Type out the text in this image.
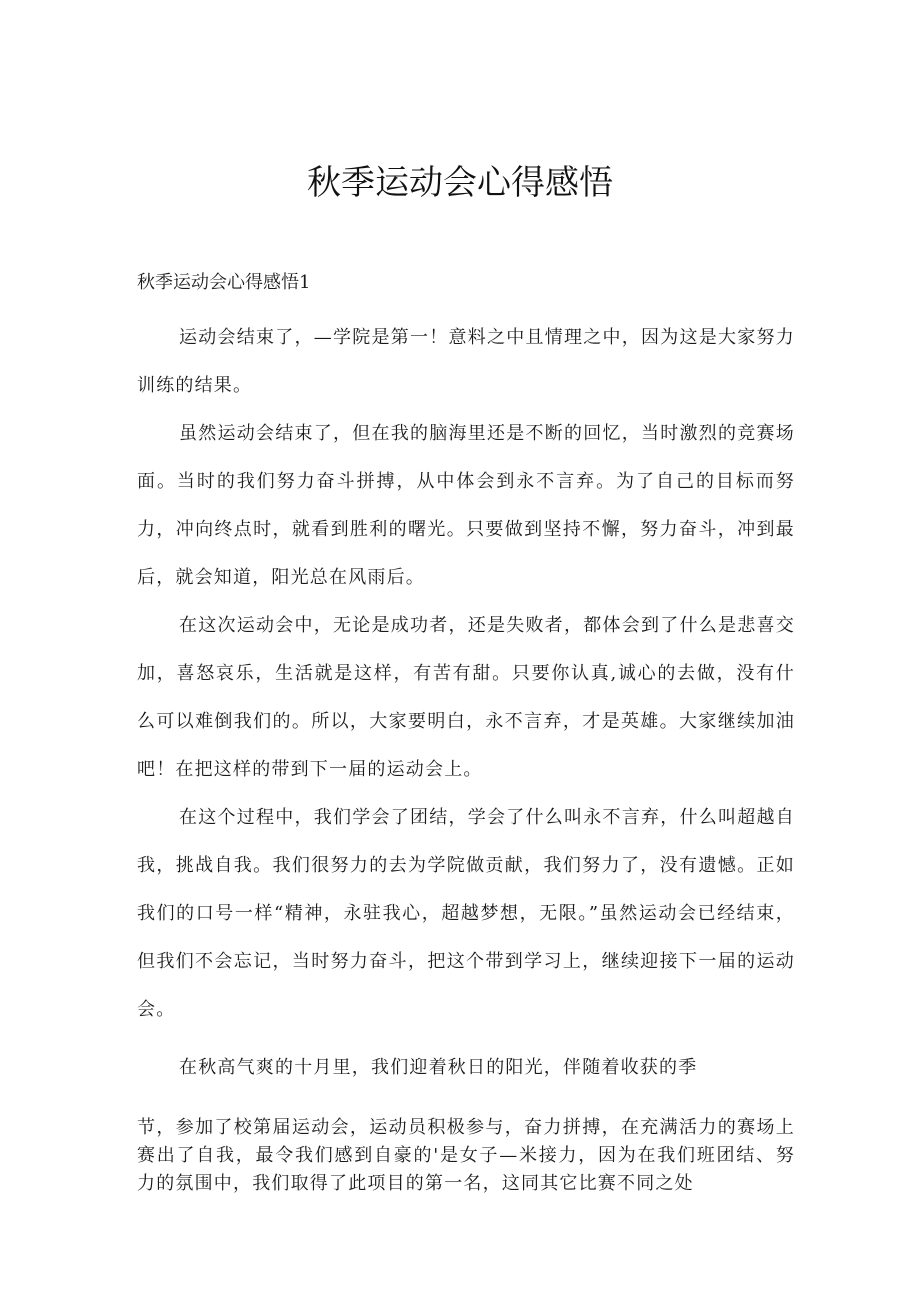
秋季运动会心得感悟

秋季运动会心得感悟1

运动会结束了，—学院是第一！意料之中且情理之中，因为这是大家努力训练的结果。

虽然运动会结束了，但在我的脑海里还是不断的回忆，当时激烈的竞赛场面。当时的我们努力奋斗拼搏，从中体会到永不言弃。为了自己的目标而努力，冲向终点时，就看到胜利的曙光。只要做到坚持不懈，努力奋斗，冲到最后，就会知道，阳光总在风雨后。

在这次运动会中，无论是成功者，还是失败者，都体会到了什么是悲喜交加，喜怒哀乐，生活就是这样，有苦有甜。只要你认真,诚心的去做，没有什么可以难倒我们的。所以，大家要明白，永不言弃，才是英雄。大家继续加油吧！在把这样的带到下一届的运动会上。

在这个过程中，我们学会了团结，学会了什么叫永不言弃，什么叫超越自我，挑战自我。我们很努力的去为学院做贡献，我们努力了，没有遗憾。正如我们的口号一样“精神，永驻我心，超越梦想，无限。”虽然运动会已经结束，但我们不会忘记，当时努力奋斗，把这个带到学习上，继续迎接下一届的运动会。

在秋高气爽的十月里，我们迎着秋日的阳光，伴随着收获的季

节，参加了校第届运动会，运动员积极参与，奋力拼搏，在充满活力的赛场上赛出了自我，最令我们感到自豪的'是女子—米接力，因为在我们班团结、努力的氛围中，我们取得了此项目的第一名，这同其它比赛不同之处
